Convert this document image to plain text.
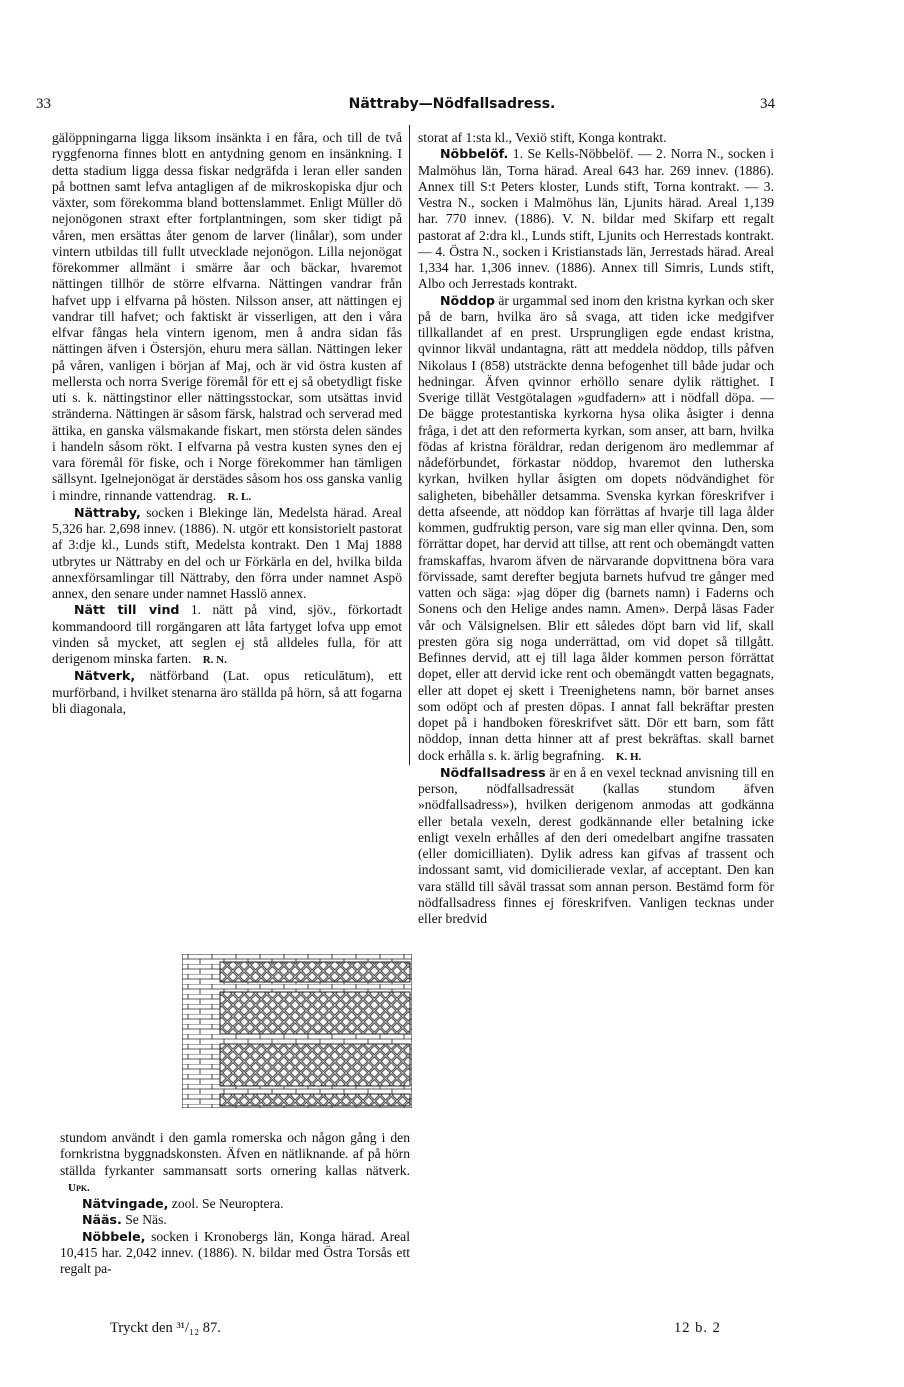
33	Nättraby—Nödfallsadress.	34

gälöppningarna ligga liksom insänkta i en fåra, och till de två ryggfenorna finnes blott en antydning genom en insänkning. I detta stadium ligga dessa fiskar nedgräfda i leran eller sanden på bottnen samt lefva antagligen af de mikroskopiska djur och växter, som förekomma bland bottenslammet. Enligt Müller dö nejonögonen straxt efter fortplantningen, som sker tidigt på våren, men ersättas åter genom de larver (linålar), som under vintern utbildas till fullt utvecklade nejonögon. Lilla nejonögat förekommer allmänt i smärre åar och bäckar, hvaremot nättingen tillhör de större elfvarna. Nättingen vandrar från hafvet upp i elfvarna på hösten. Nilsson anser, att nättingen ej vandrar till hafvet; och faktiskt är visserligen, att den i våra elfvar fångas hela vintern igenom, men å andra sidan fås nättingen äfven i Östersjön, ehuru mera sällan. Nättingen leker på våren, vanligen i början af Maj, och är vid östra kusten af mellersta och norra Sverige föremål för ett ej så obetydligt fiske uti s. k. nättingstinor eller nättingsstockar, som utsättas invid stränderna. Nättingen är såsom färsk, halstrad och serverad med ättika, en ganska välsmakande fiskart, men största delen sändes i handeln såsom rökt. I elfvarna på vestra kusten synes den ej vara föremål för fiske, och i Norge förekommer han tämligen sällsynt. Igelnejonögat är derstädes såsom hos oss ganska vanlig i mindre, rinnande vattendrag. R. L.

Nättraby, socken i Blekinge län, Medelsta härad. Areal 5,326 har. 2,698 innev. (1886). N. utgör ett konsistorielt pastorat af 3:dje kl., Lunds stift, Medelsta kontrakt. Den 1 Maj 1888 utbrytes ur Nättraby en del och ur Förkärla en del, hvilka bilda annexförsamlingar till Nättraby, den förra under namnet Aspö annex, den senare under namnet Hasslö annex.

Nätt till vind 1. nätt på vind, sjöv., förkortadt kommandoord till rorgängaren att låta fartyget lofva upp emot vinden så mycket, att seglen ej stå alldeles fulla, för att derigenom minska farten. R. N.

Nätverk, nätförband (Lat. opus reticulātum), ett murförband, i hvilket stenarna äro ställda på hörn, så att fogarna bli diagonala,

stundom användt i den gamla romerska och någon gång i den fornkristna byggnadskonsten. Äfven en nätliknande. af på hörn ställda fyrkanter sammansatt sorts ornering kallas nätverk. Upk.

Nätvingade, zool. Se Neuroptera.

Nääs. Se Näs.

Nöbbele, socken i Kronobergs län, Konga härad. Areal 10,415 har. 2,042 innev. (1886). N. bildar med Östra Torsås ett regalt pa-

storat af 1:sta kl., Vexiö stift, Konga kontrakt.

Nöbbelöf. 1. Se Kells-Nöbbelöf. — 2. Norra N., socken i Malmöhus län, Torna härad. Areal 643 har. 269 innev. (1886). Annex till S:t Peters kloster, Lunds stift, Torna kontrakt. — 3. Vestra N., socken i Malmöhus län, Ljunits härad. Areal 1,139 har. 770 innev. (1886). V. N. bildar med Skifarp ett regalt pastorat af 2:dra kl., Lunds stift, Ljunits och Herrestads kontrakt. — 4. Östra N., socken i Kristianstads län, Jerrestads härad. Areal 1,334 har. 1,306 innev. (1886). Annex till Simris, Lunds stift, Albo och Jerrestads kontrakt.

Nöddop är urgammal sed inom den kristna kyrkan och sker på de barn, hvilka äro så svaga, att tiden icke medgifver tillkallandet af en prest. Ursprungligen egde endast kristna, qvinnor likväl undantagna, rätt att meddela nöddop, tills påfven Nikolaus I (858) utsträckte denna befogenhet till både judar och hedningar. Äfven qvinnor erhöllo senare dylik rättighet. I Sverige tillät Vestgötalagen »gudfadern» att i nödfall döpa. — De bägge protestantiska kyrkorna hysa olika åsigter i denna fråga, i det att den reformerta kyrkan, som anser, att barn, hvilka födas af kristna föräldrar, redan derigenom äro medlemmar af nådeförbundet, förkastar nöddop, hvaremot den lutherska kyrkan, hvilken hyllar åsigten om dopets nödvändighet för saligheten, bibehåller detsamma. Svenska kyrkan föreskrifver i detta afseende, att nöddop kan förrättas af hvarje till laga ålder kommen, gudfruktig person, vare sig man eller qvinna. Den, som förrättar dopet, har dervid att tillse, att rent och obemängdt vatten framskaffas, hvarom äfven de närvarande dopvittnena böra vara förvissade, samt derefter begjuta barnets hufvud tre gånger med vatten och säga: »jag döper dig (barnets namn) i Faderns och Sonens och den Helige andes namn. Amen». Derpå läsas Fader vår och Välsignelsen. Blir ett således döpt barn vid lif, skall presten göra sig noga underrättad, om vid dopet så tillgått. Befinnes dervid, att ej till laga ålder kommen person förrättat dopet, eller att dervid icke rent och obemängdt vatten begagnats, eller att dopet ej skett i Treenighetens namn, bör barnet anses som odöpt och af presten döpas. I annat fall bekräftar presten dopet på i handboken föreskrifvet sätt. Dör ett barn, som fått nöddop, innan detta hinner att af prest bekräftas. skall barnet dock erhålla s. k. ärlig begrafning. K. H.

Nödfallsadress är en å en vexel tecknad anvisning till en person, nödfallsadressät (kallas stundom äfven »nödfallsadress»), hvilken derigenom anmodas att godkänna eller betala vexeln, derest godkännande eller betalning icke enligt vexeln erhålles af den deri omedelbart angifne trassaten (eller domicilliaten). Dylik adress kan gifvas af trassent och indossant samt, vid domicilierade vexlar, af acceptant. Den kan vara ställd till såväl trassat som annan person. Bestämd form för nödfallsadress finnes ej föreskrifven. Vanligen tecknas under eller bredvid

Tryckt den ³¹/₁₂ 87.	12 b. 2
